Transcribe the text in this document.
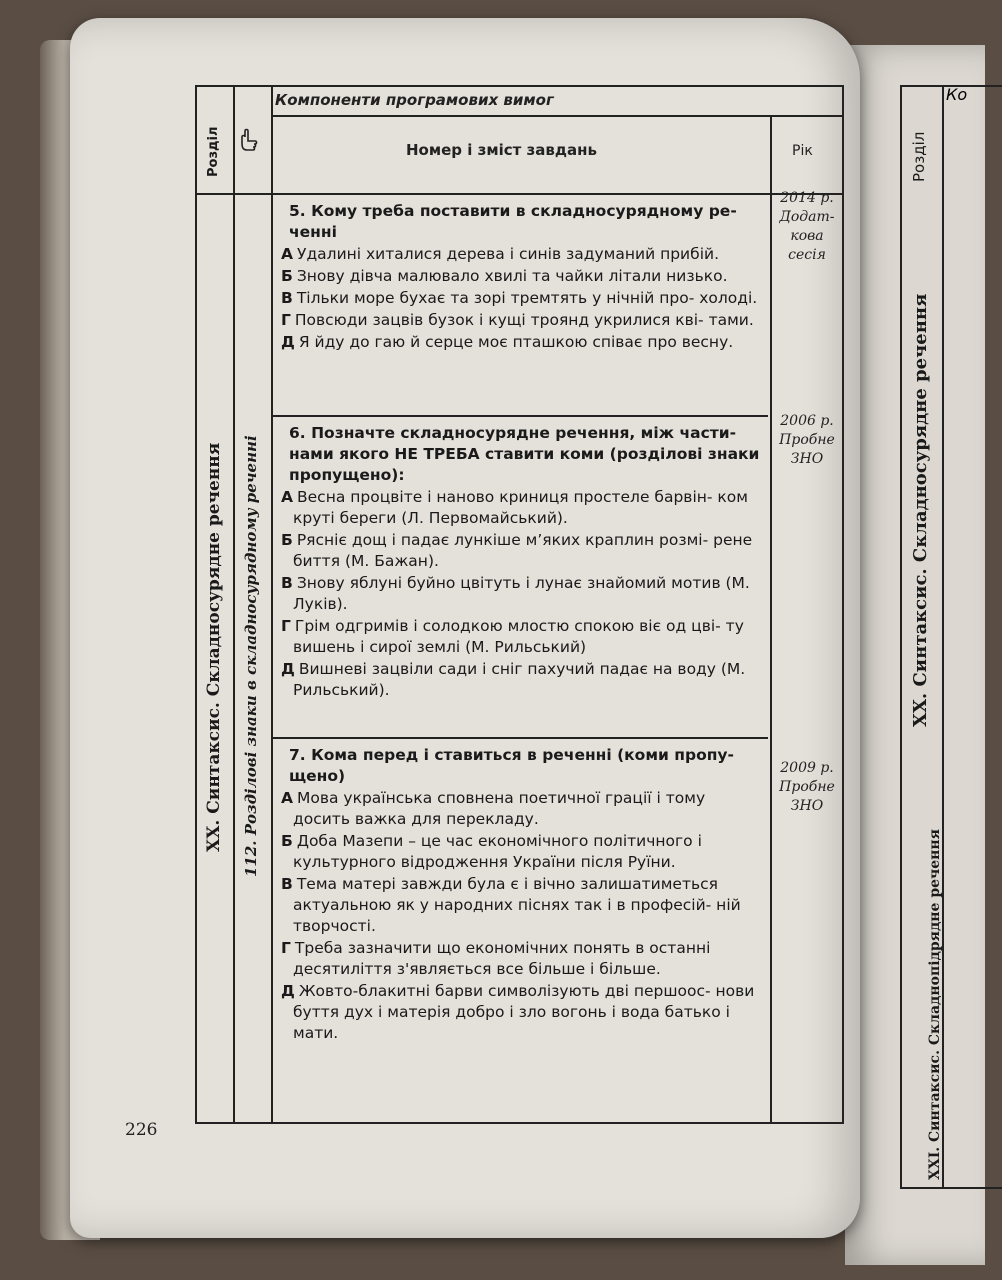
Розділ
XX. Синтаксис. Складносурядне речення
Ко
XXI. Синтаксис. Складнопідрядне речення
Розділ
XX. Синтаксис. Складносурядне речення 112. Розділові знаки в складносурядному реченні
Компоненти програмових вимог
Номер і зміст завдань	Рік
5. Кому треба поставити в складносурядному ре- ченні
А Удалині хиталися дерева і синів задуманий прибій.
Б Знову дівча малювало хвилі та чайки літали низько.
В Тільки море бухає та зорі тремтять у нічній про- холоді.
Г Повсюди зацвів бузок і кущі троянд укрилися кві- тами.
Д Я йду до гаю й серце моє пташкою співає про весну.
2014 р. Додат- кова сесія
6. Позначте складносурядне речення, між части- нами якого НЕ ТРЕБА ставити коми (розділові знаки пропущено):
А Весна процвіте і наново криниця простеле барвін- ком круті береги (Л. Первомайський).
Б Рясніє дощ і падає лункіше м’яких краплин розмі- рене биття (М. Бажан).
В Знову яблуні буйно цвітуть і лунає знайомий мотив (М. Луків).
Г Грім одгримів і солодкою млостю спокою віє од цві- ту вишень і сирої землі (М. Рильський)
Д Вишневі зацвіли сади і сніг пахучий падає на воду (М. Рильський).
2006 р. Пробне ЗНО
7. Кома перед і ставиться в реченні (коми пропу- щено)
А Мова українська сповнена поетичної грації і тому досить важка для перекладу.
Б Доба Мазепи – це час економічного політичного і культурного відродження України після Руїни.
В Тема матері завжди була є і вічно залишатиметься актуальною як у народних піснях так і в професій- ній творчості.
Г Треба зазначити що економічних понять в останні десятиліття з'являється все більше і більше.
Д Жовто-блакитні барви символізують дві першоос- нови буття дух і матерія добро і зло вогонь і вода батько і мати.
2009 р. Пробне ЗНО
226
